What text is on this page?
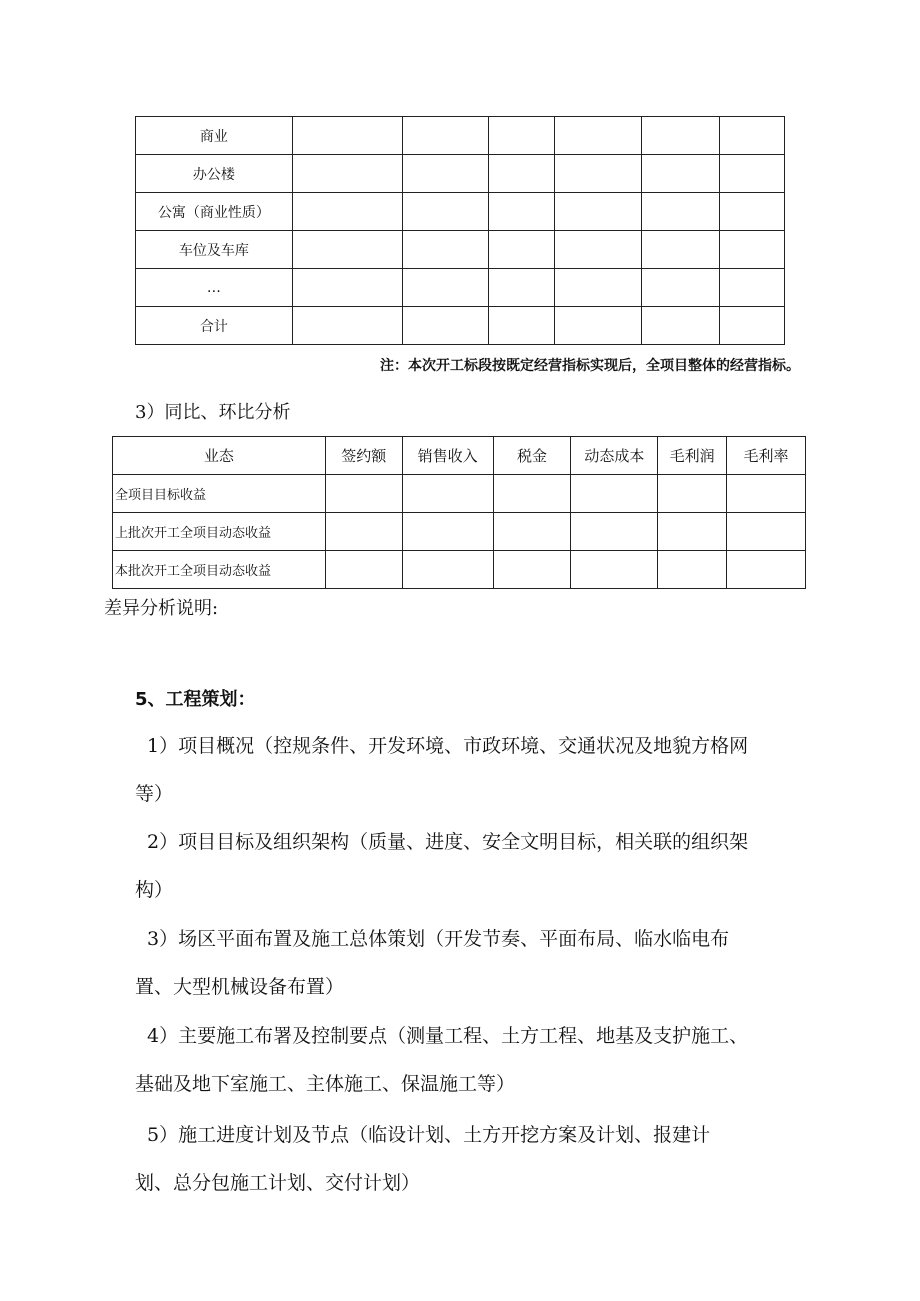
商业						
办公楼						
公寓（商业性质）						
车位及车库						
…						
合计						
注：本次开工标段按既定经营指标实现后，全项目整体的经营指标。
3）同比、环比分析
业态	签约额	销售收入	税金	动态成本	毛利润	毛利率
全项目目标收益						
上批次开工全项目动态收益						
本批次开工全项目动态收益						
差异分析说明:
5、工程策划：
1）项目概况（控规条件、开发环境、市政环境、交通状况及地貌方格网
等）
2）项目目标及组织架构（质量、进度、安全文明目标，相关联的组织架
构）
3）场区平面布置及施工总体策划（开发节奏、平面布局、临水临电布
置、大型机械设备布置）
4）主要施工布署及控制要点（测量工程、土方工程、地基及支护施工、
基础及地下室施工、主体施工、保温施工等）
5）施工进度计划及节点（临设计划、土方开挖方案及计划、报建计
划、总分包施工计划、交付计划）
